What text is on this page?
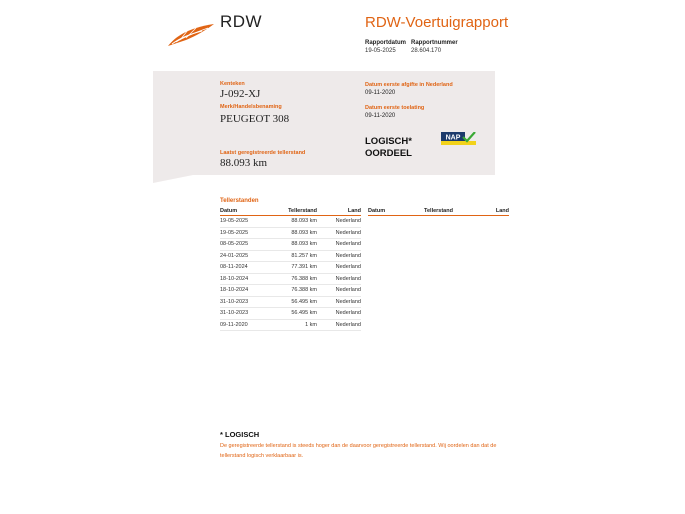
RDW	RDW-Voertuigrapport
Rapportdatum
19-05-2025
Rapportnummer
28.604.170
Kenteken
J-092-XJ
Merk/Handelsbenaming
PEUGEOT 308
Laatst geregistreerde tellerstand
88.093 km
Datum eerste afgifte in Nederland
09-11-2020
Datum eerste toelating
09-11-2020
LOGISCH*
OORDEEL
NAP
Tellerstanden
Datum	Tellerstand	Land
19-05-2025	88.093 km	Nederland
19-05-2025	88.093 km	Nederland
08-05-2025	88.093 km	Nederland
24-01-2025	81.257 km	Nederland
08-11-2024	77.391 km	Nederland
18-10-2024	76.388 km	Nederland
18-10-2024	76.388 km	Nederland
31-10-2023	56.495 km	Nederland
31-10-2023	56.495 km	Nederland
09-11-2020	1 km	Nederland
Datum	Tellerstand	Land
* LOGISCH
De geregistreerde tellerstand is steeds hoger dan de daarvoor geregistreerde tellerstand. Wij oordelen dan dat de tellerstand logisch verklaarbaar is.
